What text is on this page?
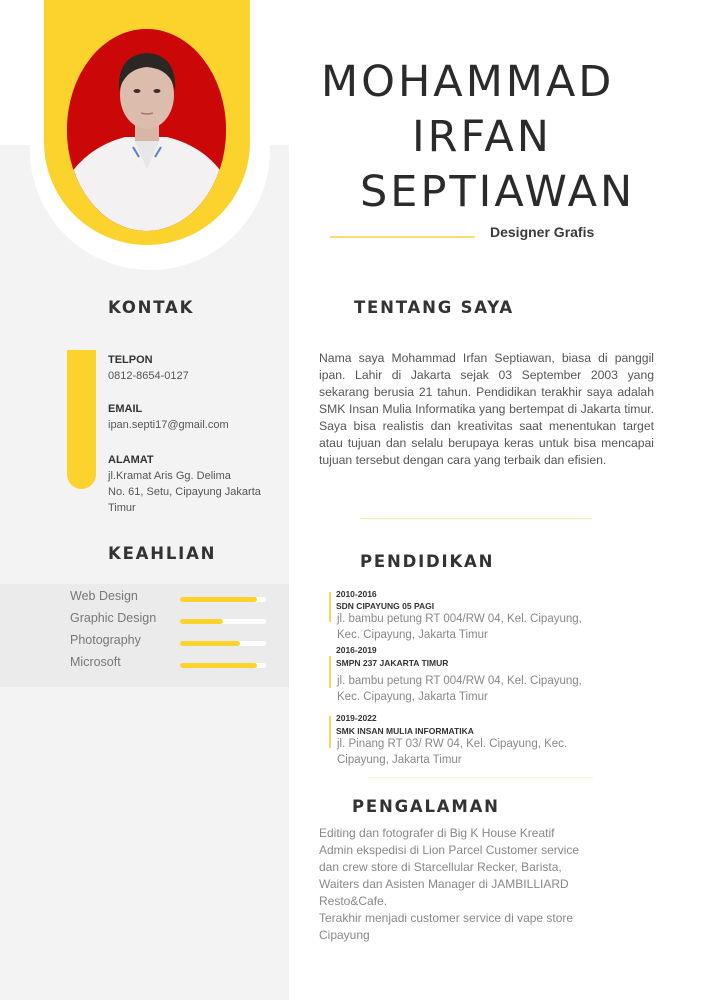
MOHAMMAD
IRFAN
SEPTIAWAN
Designer Grafis
KONTAK
TELPON
0812-8654-0127
EMAIL
ipan.septi17@gmail.com
ALAMAT
jl.Kramat Aris Gg. Delima
No. 61, Setu, Cipayung Jakarta
Timur
KEAHLIAN
Web Design
Graphic Design
Photography
Microsoft
TENTANG SAYA

Nama saya Mohammad Irfan Septiawan, biasa di panggil ipan. Lahir di Jakarta sejak 03 September 2003 yang sekarang berusia 21 tahun. Pendidikan terakhir saya adalah SMK Insan Mulia Informatika yang bertempat di Jakarta timur. Saya bisa realistis dan kreativitas saat menentukan target atau tujuan dan selalu berupaya keras untuk bisa mencapai tujuan tersebut dengan cara yang terbaik dan efisien.

PENDIDIKAN
2010-2016
SDN CIPAYUNG 05 PAGI
jl. bambu petung RT 004/RW 04, Kel. Cipayung,
Kec. Cipayung, Jakarta Timur
2016-2019
SMPN 237 JAKARTA TIMUR
jl. bambu petung RT 004/RW 04, Kel. Cipayung,
Kec. Cipayung, Jakarta Timur
2019-2022
SMK INSAN MULIA INFORMATIKA
jl. Pinang RT 03/ RW 04, Kel. Cipayung, Kec.
Cipayung, Jakarta Timur
PENGALAMAN
Editing dan fotografer di Big K House Kreatif
Admin ekspedisi di Lion Parcel Customer service
dan crew store di Starcellular Recker, Barista,
Waiters dan Asisten Manager di JAMBILLIARD
Resto&Cafe.
Terakhir menjadi customer service di vape store
Cipayung
